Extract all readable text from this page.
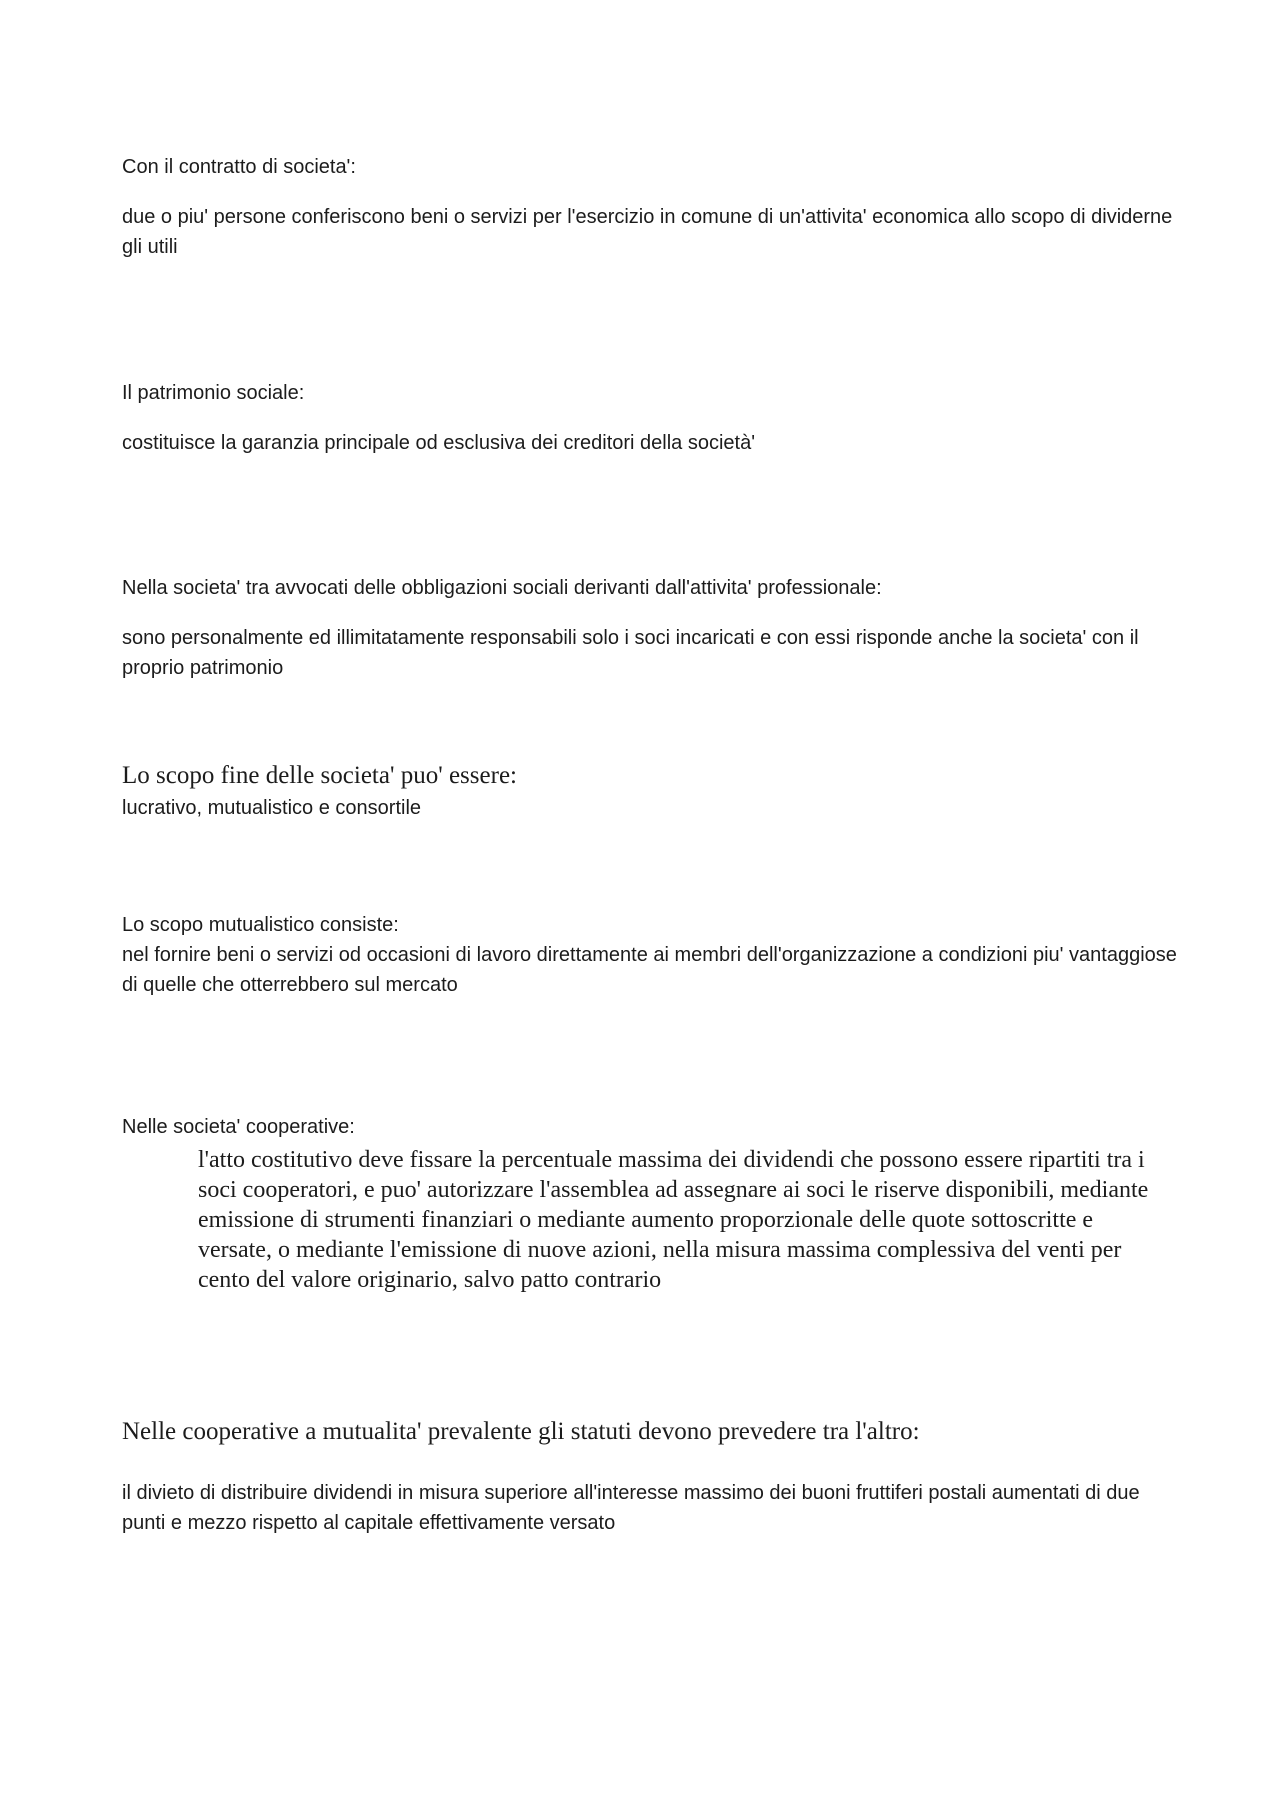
Con il contratto di societa':

due o piu' persone conferiscono beni o servizi per l'esercizio in comune di un'attivita' economica allo scopo di dividerne gli utili

Il patrimonio sociale:

costituisce la garanzia principale od esclusiva dei creditori della società'

Nella societa' tra avvocati delle obbligazioni sociali derivanti dall'attivita' professionale:

sono personalmente ed illimitatamente responsabili solo i soci incaricati e con essi risponde anche la societa' con il proprio patrimonio

Lo scopo fine delle societa' puo' essere:

lucrativo, mutualistico e consortile

Lo scopo mutualistico consiste:

nel fornire beni o servizi od occasioni di lavoro direttamente ai membri dell'organizzazione a condizioni piu' vantaggiose di quelle che otterrebbero sul mercato

Nelle societa' cooperative:

l'atto costitutivo deve fissare la percentuale massima dei dividendi che possono essere ripartiti tra i soci cooperatori, e puo' autorizzare l'assemblea ad assegnare ai soci le riserve disponibili, mediante emissione di strumenti finanziari o mediante aumento proporzionale delle quote sottoscritte e versate, o mediante l'emissione di nuove azioni, nella misura massima complessiva del venti per cento del valore originario, salvo patto contrario

Nelle cooperative a mutualita' prevalente gli statuti devono prevedere tra l'altro:

il divieto di distribuire dividendi in misura superiore all'interesse massimo dei buoni fruttiferi postali aumentati di due punti e mezzo rispetto al capitale effettivamente versato
